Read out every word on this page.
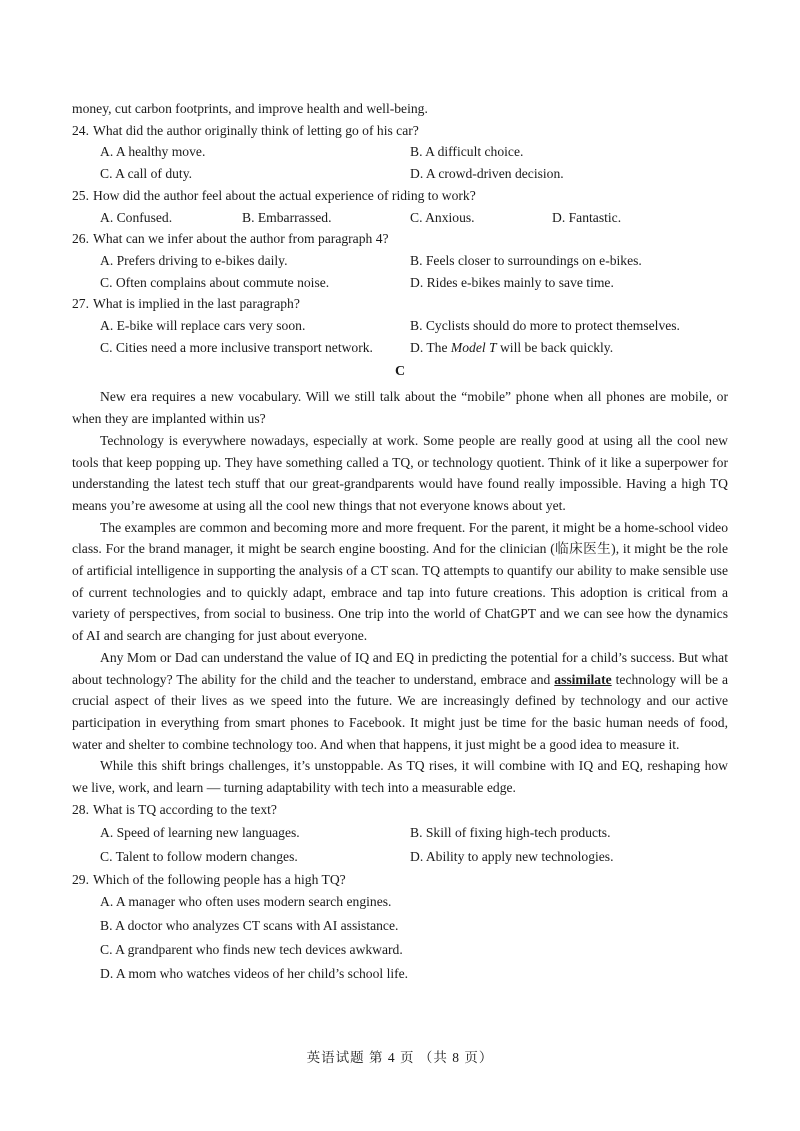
money, cut carbon footprints, and improve health and well-being.

24. What did the author originally think of letting go of his car?

A. A healthy move.	B. A difficult choice.
C. A call of duty.	D. A crowd-driven decision.

25. How did the author feel about the actual experience of riding to work?

A. Confused.	B. Embarrassed.	C. Anxious.	D. Fantastic.

26. What can we infer about the author from paragraph 4?

A. Prefers driving to e-bikes daily.	B. Feels closer to surroundings on e-bikes.
C. Often complains about commute noise.	D. Rides e-bikes mainly to save time.

27. What is implied in the last paragraph?

A. E-bike will replace cars very soon.	B. Cyclists should do more to protect themselves.
C. Cities need a more inclusive transport network.	D. The Model T will be back quickly.
C

New era requires a new vocabulary. Will we still talk about the “mobile” phone when all phones are mobile, or when they are implanted within us?

Technology is everywhere nowadays, especially at work. Some people are really good at using all the cool new tools that keep popping up. They have something called a TQ, or technology quotient. Think of it like a superpower for understanding the latest tech stuff that our great-grandparents would have found really impossible. Having a high TQ means you’re awesome at using all the cool new things that not everyone knows about yet.

The examples are common and becoming more and more frequent. For the parent, it might be a home-school video class. For the brand manager, it might be search engine boosting. And for the clinician (临床医生), it might be the role of artificial intelligence in supporting the analysis of a CT scan. TQ attempts to quantify our ability to make sensible use of current technologies and to quickly adapt, embrace and tap into future creations. This adoption is critical from a variety of perspectives, from social to business. One trip into the world of ChatGPT and we can see how the dynamics of AI and search are changing for just about everyone.

Any Mom or Dad can understand the value of IQ and EQ in predicting the potential for a child’s success. But what about technology? The ability for the child and the teacher to understand, embrace and assimilate technology will be a crucial aspect of their lives as we speed into the future. We are increasingly defined by technology and our active participation in everything from smart phones to Facebook. It might just be time for the basic human needs of food, water and shelter to combine technology too. And when that happens, it just might be a good idea to measure it.

While this shift brings challenges, it’s unstoppable. As TQ rises, it will combine with IQ and EQ, reshaping how we live, work, and learn — turning adaptability with tech into a measurable edge.

28. What is TQ according to the text?

A. Speed of learning new languages.	B. Skill of fixing high-tech products.
C. Talent to follow modern changes.	D. Ability to apply new technologies.

29. Which of the following people has a high TQ?

A. A manager who often uses modern search engines.
B. A doctor who analyzes CT scans with AI assistance.
C. A grandparent who finds new tech devices awkward.
D. A mom who watches videos of her child’s school life.
英语试题 第 4 页 （共 8 页）
